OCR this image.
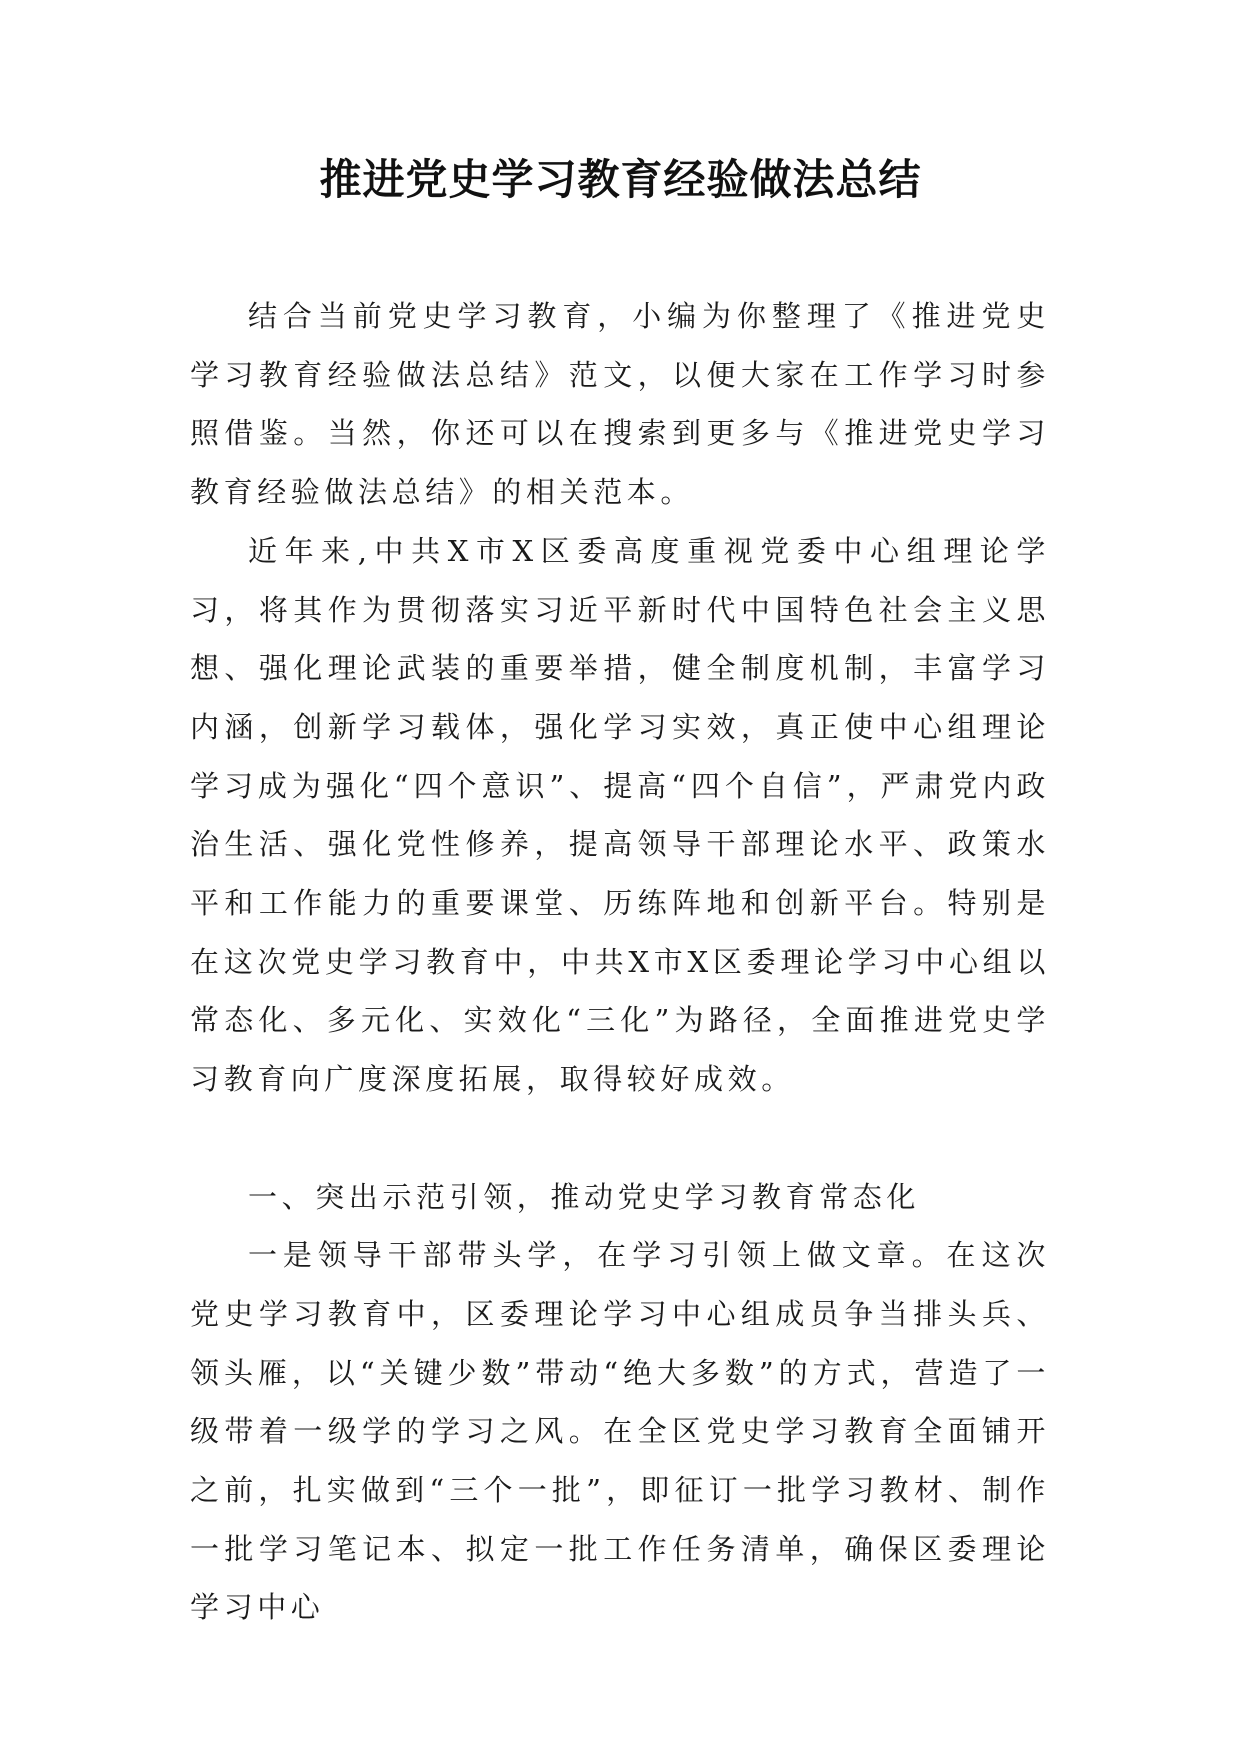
推进党史学习教育经验做法总结

结合当前党史学习教育，小编为你整理了《推进党史学习教育经验做法总结》范文，以便大家在工作学习时参照借鉴。当然，你还可以在搜索到更多与《推进党史学习教育经验做法总结》的相关范本。

近年来,中共X市X区委高度重视党委中心组理论学习，将其作为贯彻落实习近平新时代中国特色社会主义思想、强化理论武装的重要举措，健全制度机制，丰富学习内涵，创新学习载体，强化学习实效，真正使中心组理论学习成为强化“四个意识”、提高“四个自信”，严肃党内政治生活、强化党性修养，提高领导干部理论水平、政策水平和工作能力的重要课堂、历练阵地和创新平台。特别是在这次党史学习教育中，中共X市X区委理论学习中心组以常态化、多元化、实效化“三化”为路径，全面推进党史学习教育向广度深度拓展，取得较好成效。

一、突出示范引领，推动党史学习教育常态化

一是领导干部带头学，在学习引领上做文章。在这次党史学习教育中，区委理论学习中心组成员争当排头兵、领头雁，以“关键少数”带动“绝大多数”的方式，营造了一级带着一级学的学习之风。在全区党史学习教育全面铺开之前，扎实做到“三个一批”，即征订一批学习教材、制作一批学习笔记本、拟定一批工作任务清单，确保区委理论学习中心
